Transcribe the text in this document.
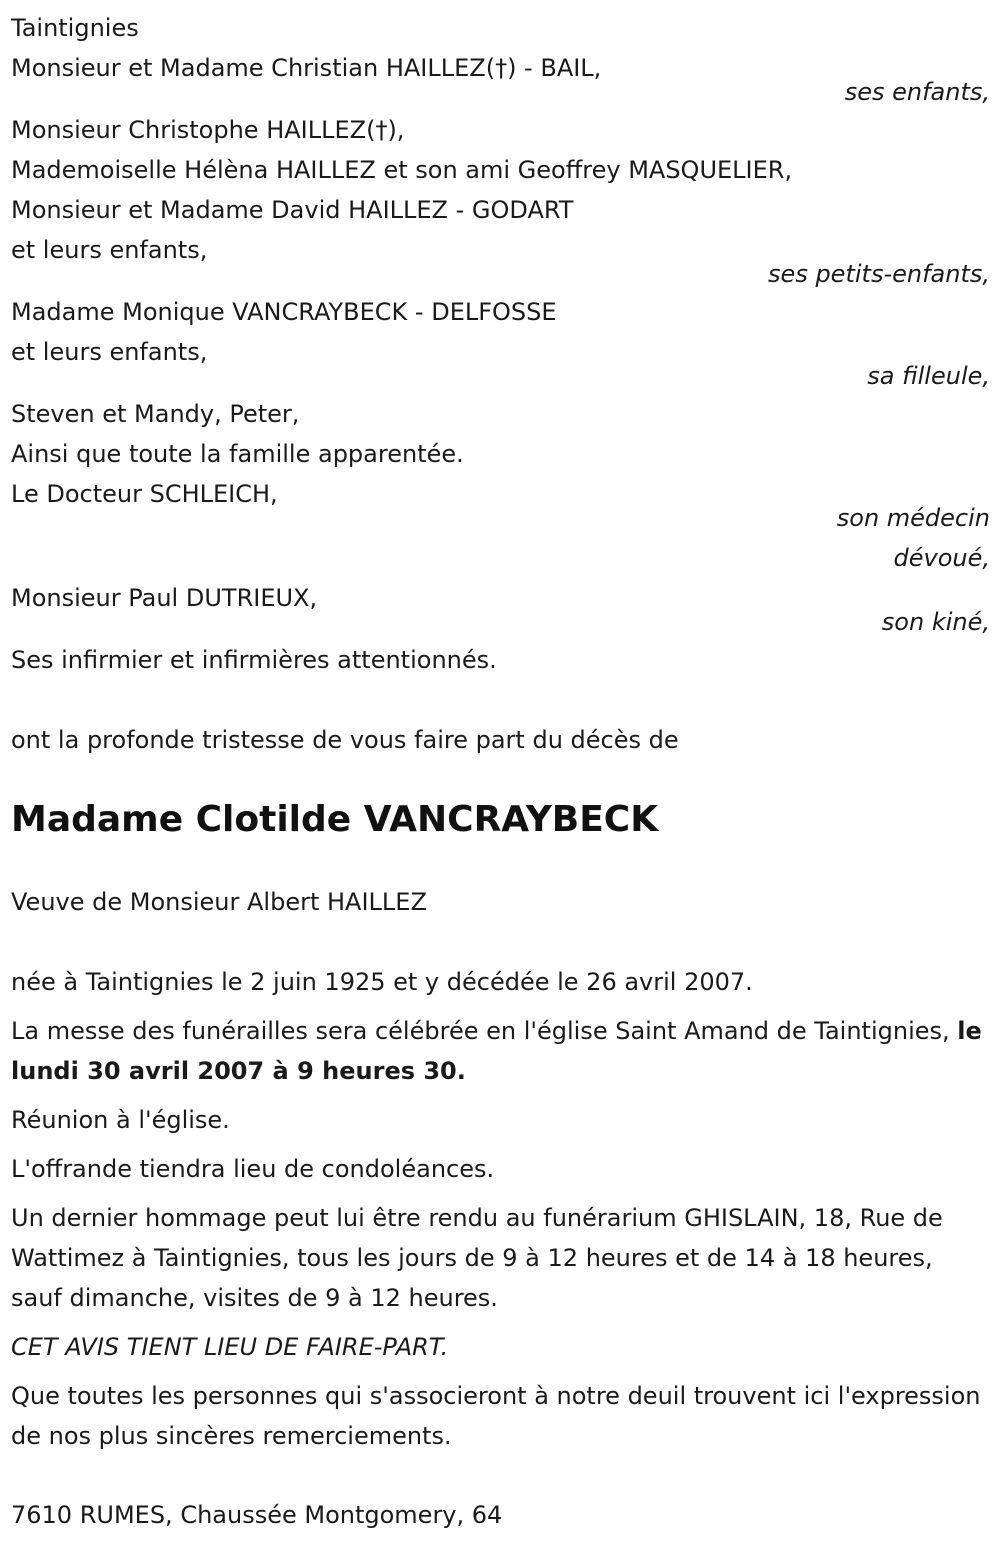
Taintignies
Monsieur et Madame Christian HAILLEZ(†) - BAIL,
ses enfants,
Monsieur Christophe HAILLEZ(†),
Mademoiselle Hélèna HAILLEZ et son ami Geoffrey MASQUELIER,
Monsieur et Madame David HAILLEZ - GODART
et leurs enfants,
ses petits-enfants,
Madame Monique VANCRAYBECK - DELFOSSE
et leurs enfants,
sa filleule,
Steven et Mandy, Peter,
Ainsi que toute la famille apparentée.
Le Docteur SCHLEICH,
son médecin
dévoué,
Monsieur Paul DUTRIEUX,
son kiné,
Ses infirmier et infirmières attentionnés.
ont la profonde tristesse de vous faire part du décès de
Madame Clotilde VANCRAYBECK
Veuve de Monsieur Albert HAILLEZ
née à Taintignies le 2 juin 1925 et y décédée le 26 avril 2007.
La messe des funérailles sera célébrée en l'église Saint Amand de Taintignies, le lundi 30 avril 2007 à 9 heures 30.
Réunion à l'église.
L'offrande tiendra lieu de condoléances.
Un dernier hommage peut lui être rendu au funérarium GHISLAIN, 18, Rue de Wattimez à Taintignies, tous les jours de 9 à 12 heures et de 14 à 18 heures, sauf dimanche, visites de 9 à 12 heures.
CET AVIS TIENT LIEU DE FAIRE-PART.
Que toutes les personnes qui s'associeront à notre deuil trouvent ici l'expression de nos plus sincères remerciements.
7610 RUMES, Chaussée Montgomery, 64
